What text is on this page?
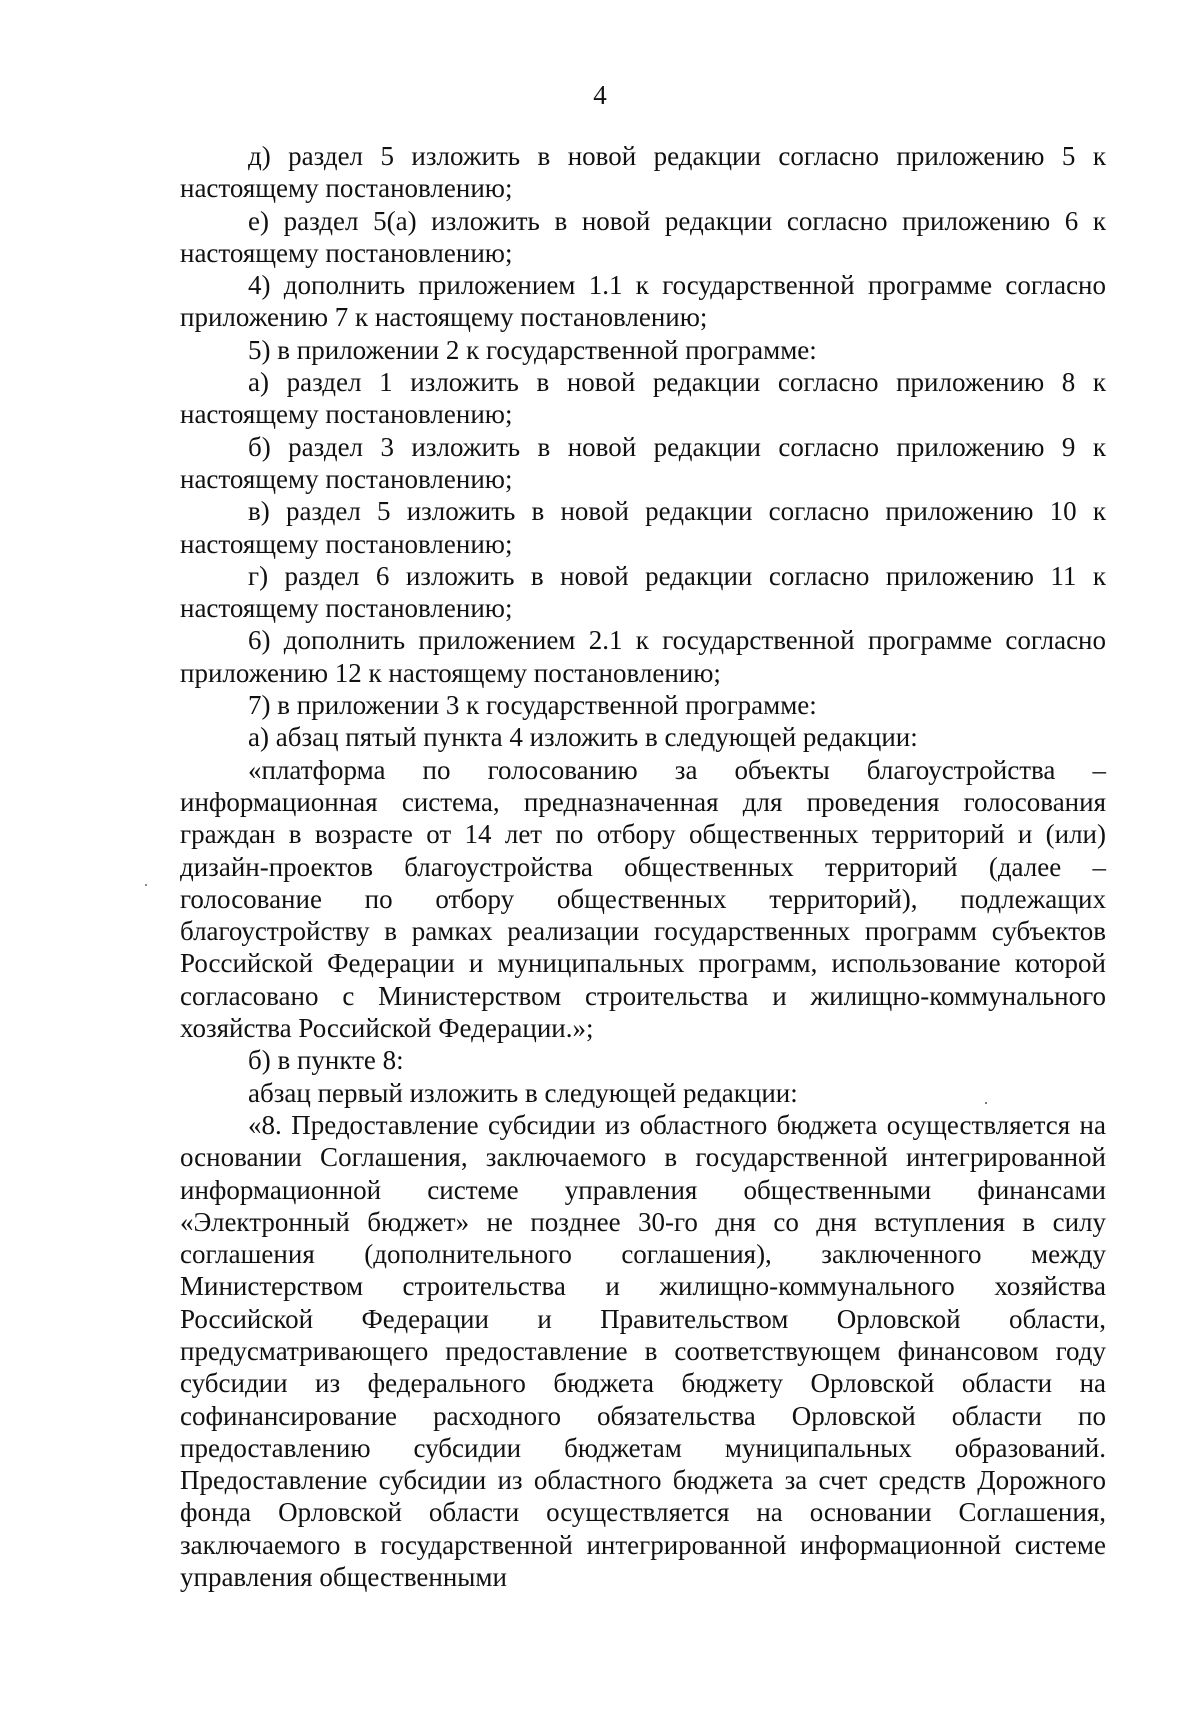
4

д) раздел 5 изложить в новой редакции согласно приложению 5 к настоящему постановлению;

е) раздел 5(а) изложить в новой редакции согласно приложению 6 к настоящему постановлению;

4) дополнить приложением 1.1 к государственной программе согласно приложению 7 к настоящему постановлению;

5) в приложении 2 к государственной программе:

а) раздел 1 изложить в новой редакции согласно приложению 8 к настоящему постановлению;

б) раздел 3 изложить в новой редакции согласно приложению 9 к настоящему постановлению;

в) раздел 5 изложить в новой редакции согласно приложению 10 к настоящему постановлению;

г) раздел 6 изложить в новой редакции согласно приложению 11 к настоящему постановлению;

6) дополнить приложением 2.1 к государственной программе согласно приложению 12 к настоящему постановлению;

7) в приложении 3 к государственной программе:

а) абзац пятый пункта 4 изложить в следующей редакции:

«платформа по голосованию за объекты благоустройства – информационная система, предназначенная для проведения голосования граждан в возрасте от 14 лет по отбору общественных территорий и (или) дизайн-проектов благоустройства общественных территорий (далее – голосование по отбору общественных территорий), подлежащих благоустройству в рамках реализации государственных программ субъектов Российской Федерации и муниципальных программ, использование которой согласовано с Министерством строительства и жилищно-коммунального хозяйства Российской Федерации.»;

б) в пункте 8:

абзац первый изложить в следующей редакции:

«8. Предоставление субсидии из областного бюджета осуществляется на основании Соглашения, заключаемого в государственной интегрированной информационной системе управления общественными финансами «Электронный бюджет» не позднее 30-го дня со дня вступления в силу соглашения (дополнительного соглашения), заключенного между Министерством строительства и жилищно-коммунального хозяйства Российской Федерации и Правительством Орловской области, предусматривающего предоставление в соответствующем финансовом году субсидии из федерального бюджета бюджету Орловской области на софинансирование расходного обязательства Орловской области по предоставлению субсидии бюджетам муниципальных образований. Предоставление субсидии из областного бюджета за счет средств Дорожного фонда Орловской области осуществляется на основании Соглашения, заключаемого в государственной интегрированной информационной системе управления общественными
